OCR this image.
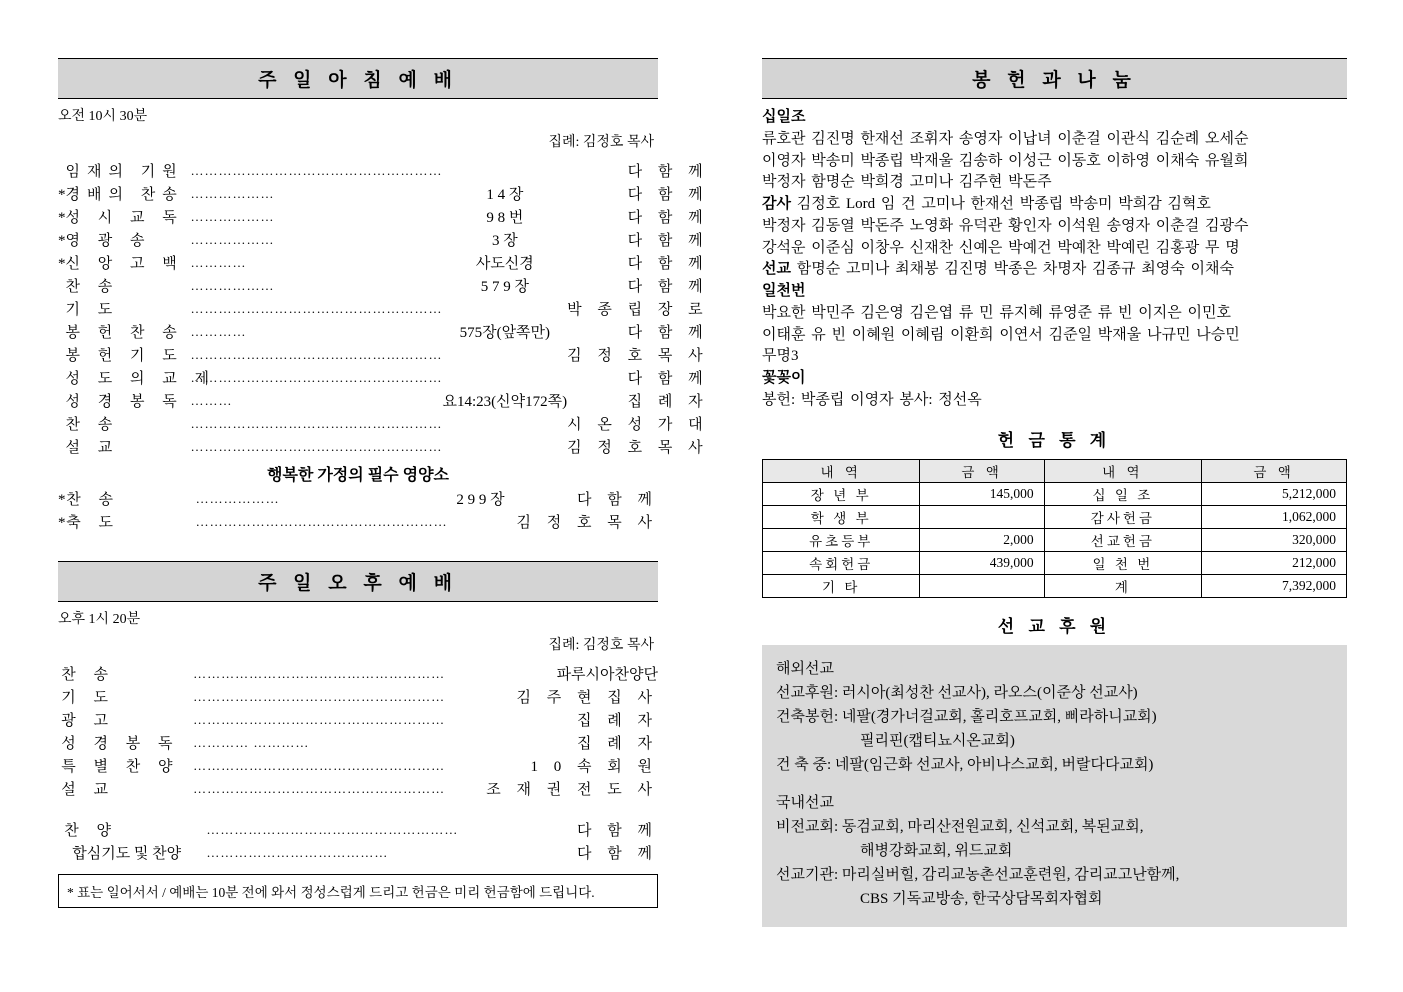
주 일 아 침 예 배
오전 10시 30분
집례: 김정호 목사
	임재의 기원	………………………………………………		다 함 께
*	경배의 찬송	………………	1 4 장	다 함 께
*	성 시 교 독	………………	9 8 번	다 함 께
*	영 광 송	………………	3 장	다 함 께
*	신 앙 고 백	…………	사도신경	다 함 께
	찬 송	………………	5 7 9 장	다 함 께
	기 도	………………………………………………		박 종 립 장 로
	봉 헌 찬 송	…………	575장(앞쪽만)	다 함 께
	봉 헌 기 도	………………………………………………		김 정 호 목 사
	성 도 의 교 제	………………………………………………		다 함 께
	성 경 봉 독	………	요14:23(신약172쪽)	집 례 자
	찬 송	………………………………………………		시 온 성 가 대
	설 교	………………………………………………		김 정 호 목 사
행복한 가정의 필수 영양소
*	찬 송	………………	2 9 9 장	다 함 께
*	축 도	………………………………………………		김 정 호 목 사
주 일 오 후 예 배
오후 1시 20분
집례: 김정호 목사
	찬 송	………………………………………………		파루시아찬양단
	기 도	………………………………………………		김 주 현 집 사
	광 고	………………………………………………		집 례 자
	성 경 봉 독	………… …………		집 례 자
	특 별 찬 양	………………………………………………		1 0 속 회 원
	설 교	………………………………………………		조 재 권 전 도 사
	찬 양	………………………………………………		다 함 께
	합심기도 및 찬양	…………………………………		다 함 께
* 표는 일어서서 / 예배는 10분 전에 와서 정성스럽게 드리고 헌금은 미리 헌금함에 드립니다.
봉 헌 과 나 눔

십일조

류호관 김진명 한재선 조휘자 송영자 이납녀 이춘걸 이관식 김순례 오세순

이영자 박송미 박종립 박재울 김송하 이성근 이동호 이하영 이채숙 유월희

박정자 함명순 박희경 고미나 김주현 박돈주

감사 김정호 Lord 임 건 고미나 한재선 박종립 박송미 박희감 김혁호

박정자 김동열 박돈주 노영화 유덕관 황인자 이석원 송영자 이춘걸 김광수

강석운 이준심 이창우 신재찬 신예은 박예건 박예찬 박예린 김홍광 무 명

선교 함명순 고미나 최채봉 김진명 박종은 차명자 김종규 최영숙 이채숙

일천번

박요한 박민주 김은영 김은엽 류 민 류지혜 류영준 류 빈 이지은 이민호

이태훈 유 빈 이혜원 이혜림 이환희 이연서 김준일 박재울 나규민 나승민

무명3

꽃꽂이

봉헌: 박종립 이영자 봉사: 정선옥

헌 금 통 계
내 역	금 액	내 역	금 액
장 년 부	145,000	십 일 조	5,212,000
학 생 부		감사헌금	1,062,000
유초등부	2,000	선교헌금	320,000
속회헌금	439,000	일 천 번	212,000
기 타		계	7,392,000
선 교 후 원

해외선교

선교후원: 러시아(최성찬 선교사), 라오스(이준상 선교사)

건축봉헌: 네팔(경가너걸교회, 홀리호프교회, 삐라하니교회)

필리핀(캡티뇨시온교회)

건 축 중: 네팔(임근화 선교사, 아비나스교회, 버랄다다교회)

국내선교

비전교회: 동검교회, 마리산전원교회, 신석교회, 복된교회,

해병강화교회, 위드교회

선교기관: 마리실버힐, 감리교농촌선교훈련원, 감리교고난함께,

CBS 기독교방송, 한국상담목회자협회
